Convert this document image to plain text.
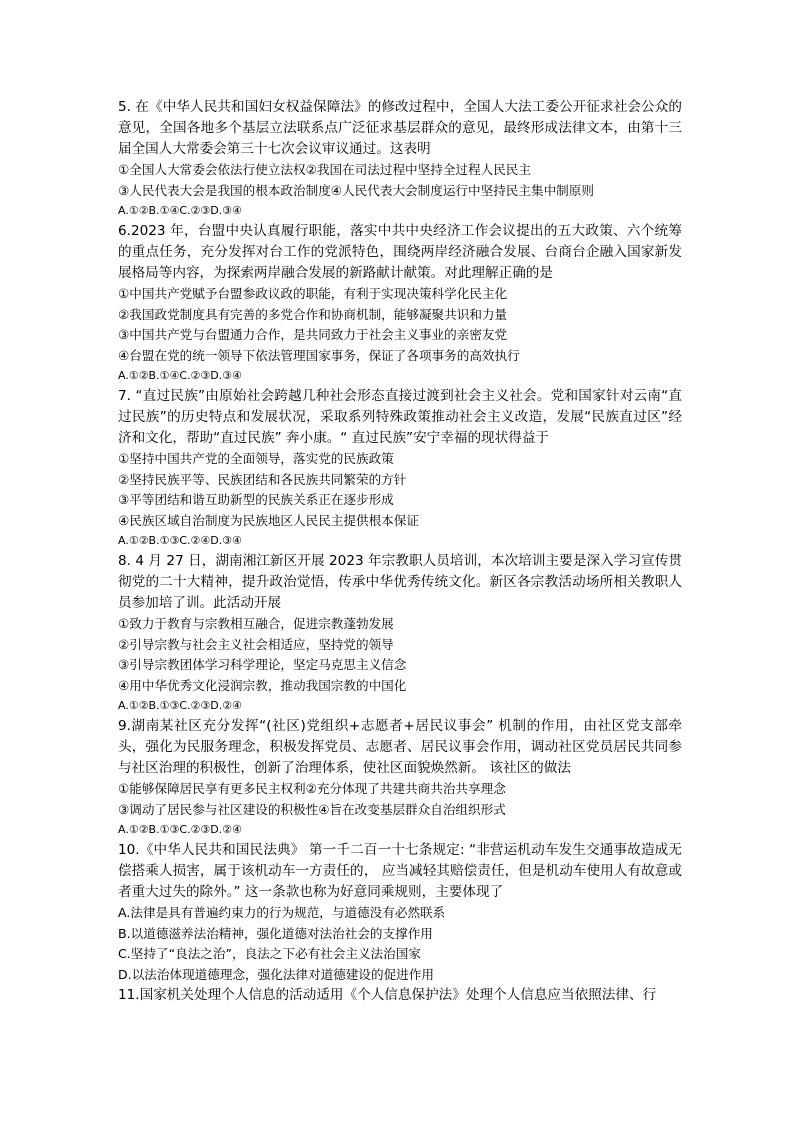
5. 在《中华人民共和国妇女权益保障法》的修改过程中，全国人大法工委公开征求社会公众的意见，全国各地多个基层立法联系点广泛征求基层群众的意见，最终形成法律文本，由第十三届全国人大常委会第三十七次会议审议通过。这表明

①全国人大常委会依法行使立法权②我国在司法过程中坚持全过程人民民主

③人民代表大会是我国的根本政治制度④人民代表大会制度运行中坚持民主集中制原则

A.①②B.①④C.②③D.③④

6.2023 年，台盟中央认真履行职能，落实中共中央经济工作会议提出的五大政策、六个统筹的重点任务，充分发挥对台工作的党派特色，围绕两岸经济融合发展、台商台企融入国家新发展格局等内容，为探索两岸融合发展的新路献计献策。对此理解正确的是

①中国共产党赋予台盟参政议政的职能，有利于实现决策科学化民主化

②我国政党制度具有完善的多党合作和协商机制，能够凝聚共识和力量

③中国共产党与台盟通力合作，是共同致力于社会主义事业的亲密友党

④台盟在党的统一领导下依法管理国家事务，保证了各项事务的高效执行

A.①②B.①④C.②③D.③④

7. “直过民族”由原始社会跨越几种社会形态直接过渡到社会主义社会。党和国家针对云南“直过民族”的历史特点和发展状况，采取系列特殊政策推动社会主义改造，发展“民族直过区”经济和文化，帮助“直过民族” 奔小康。“ 直过民族”安宁幸福的现状得益于

①坚持中国共产党的全面领导，落实党的民族政策

②坚持民族平等、民族团结和各民族共同繁荣的方针

③平等团结和谐互助新型的民族关系正在逐步形成

④民族区域自治制度为民族地区人民民主提供根本保证

A.①②B.①③C.②④D.③④

8. 4 月 27 日，湖南湘江新区开展 2023 年宗教职人员培训，本次培训主要是深入学习宣传贯彻党的二十大精神，提升政治觉悟，传承中华优秀传统文化。新区各宗教活动场所相关教职人员参加培了训。此活动开展

①致力于教育与宗教相互融合，促进宗教蓬勃发展

②引导宗教与社会主义社会相适应，坚持党的领导

③引导宗教团体学习科学理论，坚定马克思主义信念

④用中华优秀文化浸润宗教，推动我国宗教的中国化

A.①②B.①③C.②③D.②④

9.湖南某社区充分发挥“(社区)党组织+志愿者+居民议事会” 机制的作用，由社区党支部牵头，强化为民服务理念，积极发挥党员、志愿者、居民议事会作用，调动社区党员居民共同参与社区治理的积极性，创新了治理体系，使社区面貌焕然新。 该社区的做法

①能够保障居民享有更多民主权利②充分体现了共建共商共治共享理念

③调动了居民参与社区建设的积极性④旨在改变基层群众自治组织形式

A.①②B.①③C.②③D.②④

10.《中华人民共和国民法典》 第一千二百一十七条规定: “非营运机动车发生交通事故造成无偿搭乘人损害，属于该机动车一方责任的， 应当减轻其赔偿责任，但是机动车使用人有故意或者重大过失的除外。” 这一条款也称为好意同乘规则，主要体现了

A.法律是具有普遍约束力的行为规范，与道德没有必然联系

B.以道德滋养法治精神，强化道德对法治社会的支撑作用

C.坚持了“良法之治”，良法之下必有社会主义法治国家

D.以法治体现道德理念，强化法律对道德建设的促进作用

11.国家机关处理个人信息的活动适用《个人信息保护法》处理个人信息应当依照法律、行
